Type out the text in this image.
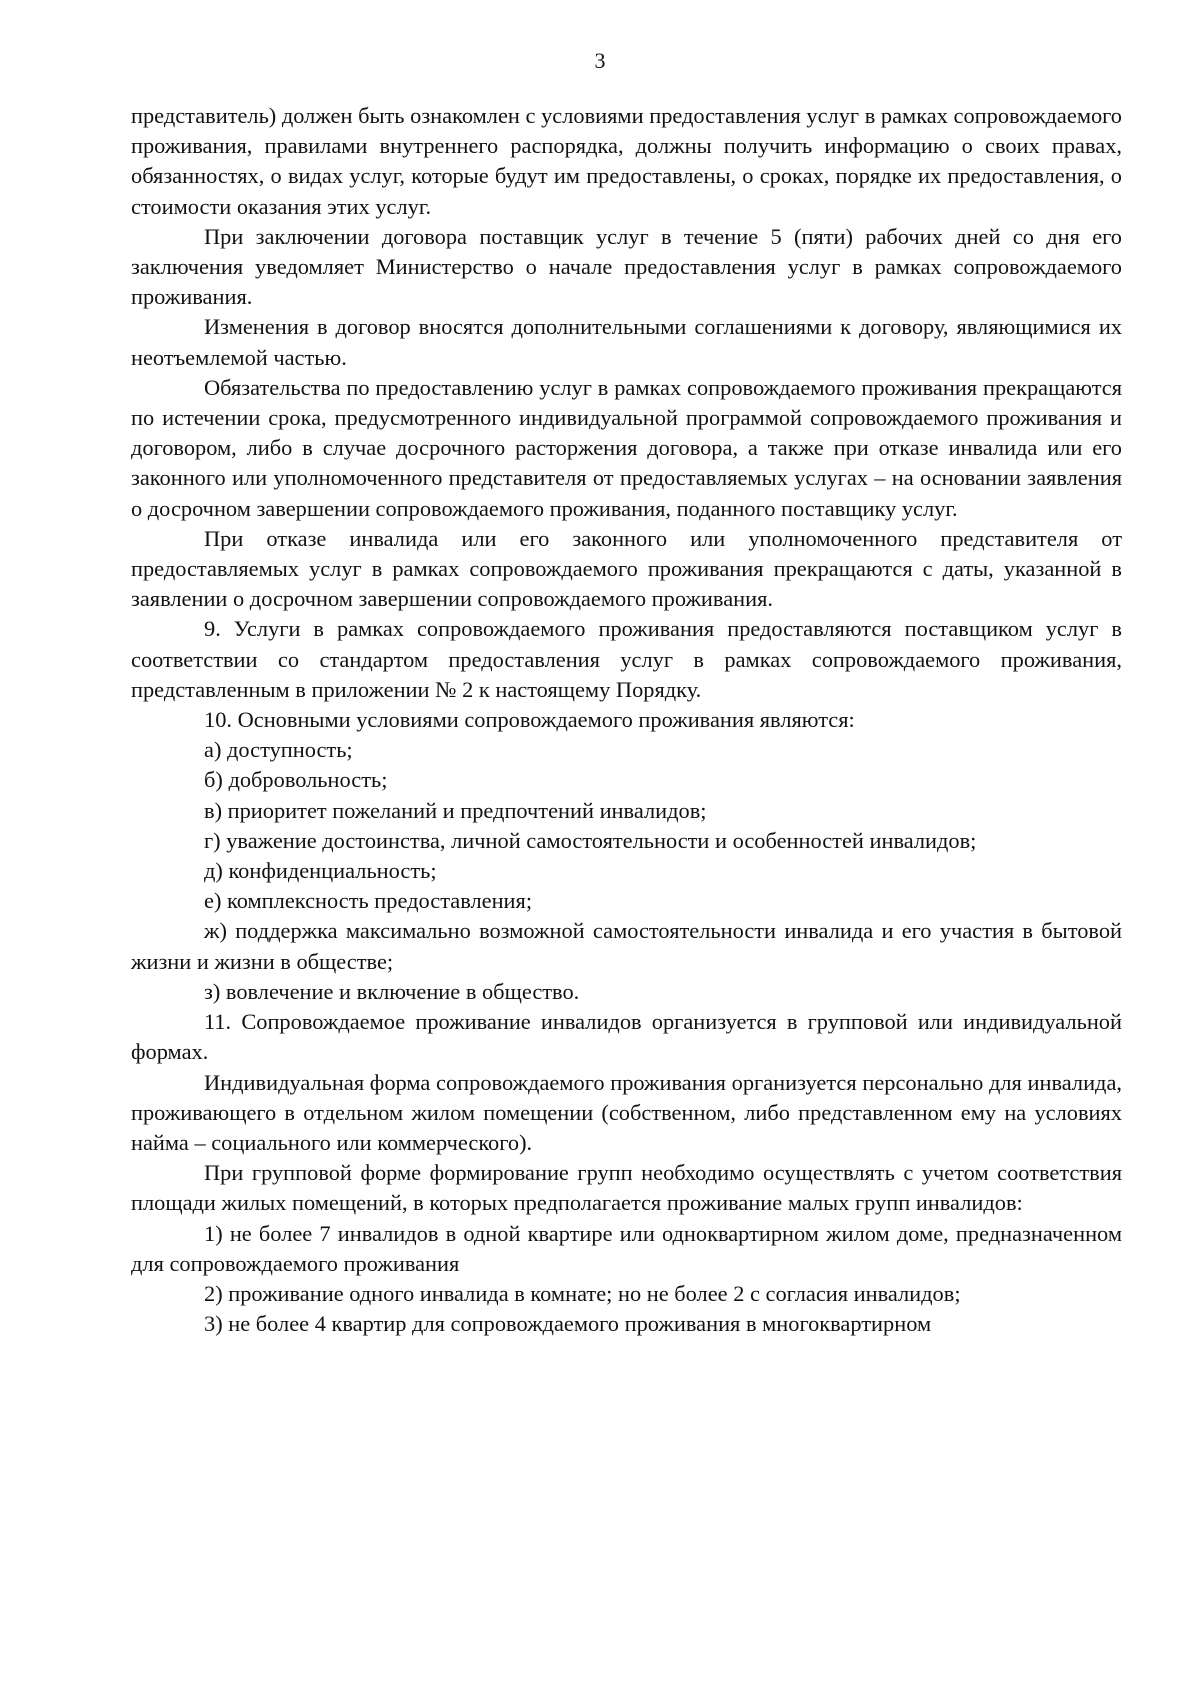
3

представитель) должен быть ознакомлен с условиями предоставления услуг в рамках сопровождаемого проживания, правилами внутреннего распорядка, должны получить информацию о своих правах, обязанностях, о видах услуг, которые будут им предоставлены, о сроках, порядке их предоставления, о стоимости оказания этих услуг.

При заключении договора поставщик услуг в течение 5 (пяти) рабочих дней со дня его заключения уведомляет Министерство о начале предоставления услуг в рамках сопровождаемого проживания.

Изменения в договор вносятся дополнительными соглашениями к договору, являющимися их неотъемлемой частью.

Обязательства по предоставлению услуг в рамках сопровождаемого проживания прекращаются по истечении срока, предусмотренного индивидуальной программой сопровождаемого проживания и договором, либо в случае досрочного расторжения договора, а также при отказе инвалида или его законного или уполномоченного представителя от предоставляемых услугах – на основании заявления о досрочном завершении сопровождаемого проживания, поданного поставщику услуг.

При отказе инвалида или его законного или уполномоченного представителя от предоставляемых услуг в рамках сопровождаемого проживания прекращаются с даты, указанной в заявлении о досрочном завершении сопровождаемого проживания.

9. Услуги в рамках сопровождаемого проживания предоставляются поставщиком услуг в соответствии со стандартом предоставления услуг в рамках сопровождаемого проживания, представленным в приложении № 2 к настоящему Порядку.

10. Основными условиями сопровождаемого проживания являются:

а) доступность;

б) добровольность;

в) приоритет пожеланий и предпочтений инвалидов;

г) уважение достоинства, личной самостоятельности и особенностей инвалидов;

д) конфиденциальность;

е) комплексность предоставления;

ж) поддержка максимально возможной самостоятельности инвалида и его участия в бытовой жизни и жизни в обществе;

з) вовлечение и включение в общество.

11. Сопровождаемое проживание инвалидов организуется в групповой или индивидуальной формах.

Индивидуальная форма сопровождаемого проживания организуется персонально для инвалида, проживающего в отдельном жилом помещении (собственном, либо представленном ему на условиях найма – социального или коммерческого).

При групповой форме формирование групп необходимо осуществлять с учетом соответствия площади жилых помещений, в которых предполагается проживание малых групп инвалидов:

1) не более 7 инвалидов в одной квартире или одноквартирном жилом доме, предназначенном для сопровождаемого проживания

2) проживание одного инвалида в комнате; но не более 2 с согласия инвалидов;

3) не более 4 квартир для сопровождаемого проживания в многоквартирном
